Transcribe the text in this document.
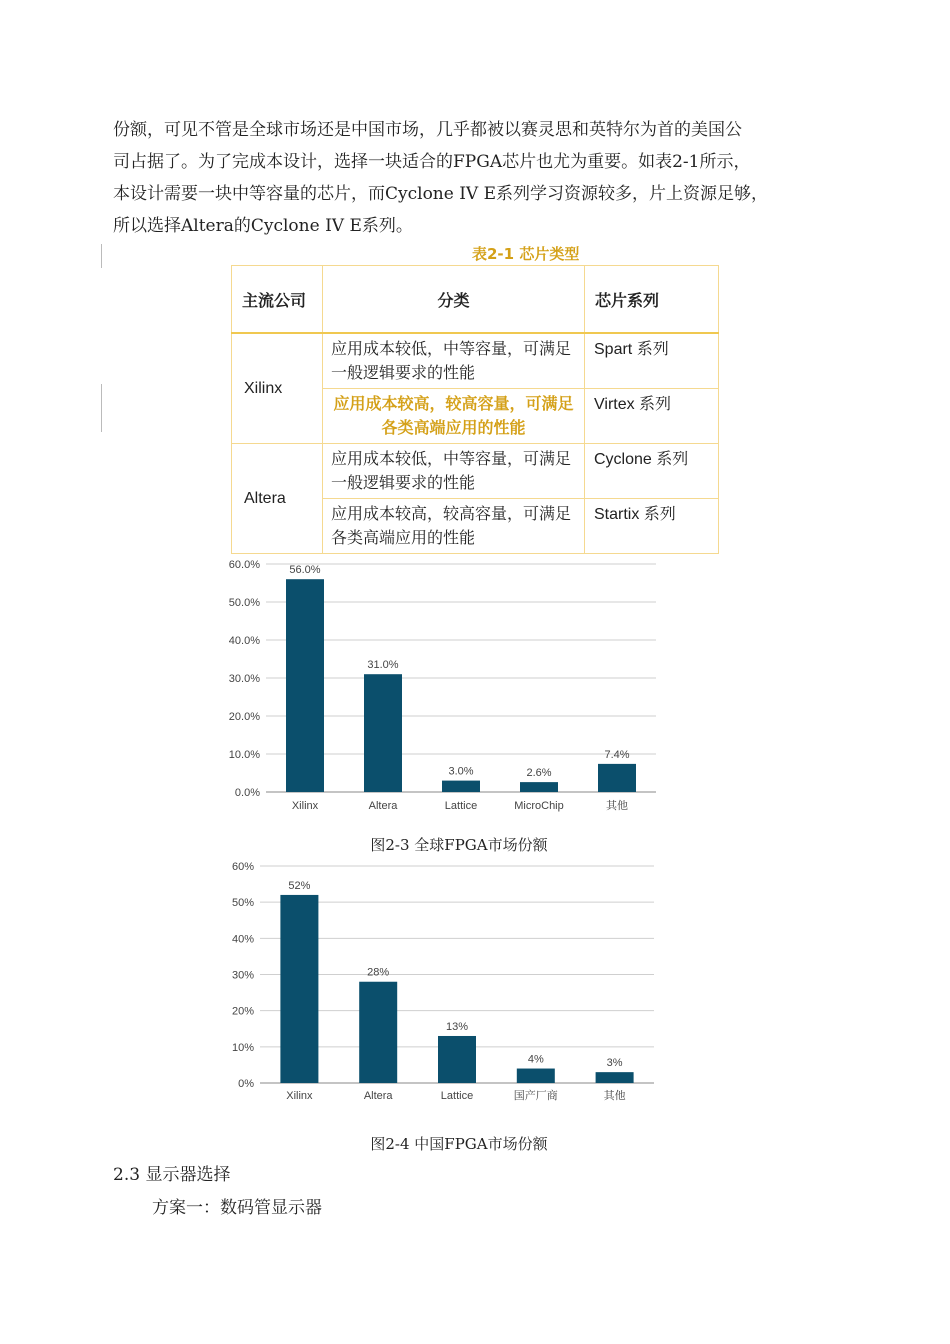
份额，可见不管是全球市场还是中国市场，几乎都被以赛灵思和英特尔为首的美国公

司占据了。为了完成本设计，选择一块适合的FPGA芯片也尤为重要。如表2-1所示，

本设计需要一块中等容量的芯片，而Cyclone IV E系列学习资源较多，片上资源足够，

所以选择Altera的Cyclone IV E系列。

表2-1 芯片类型
主流公司	分类	芯片系列
Xilinx	应用成本较低，中等容量，可满足一般逻辑要求的性能	Spart 系列
	应用成本较高，较高容量，可满足各类高端应用的性能	Virtex 系列
Altera	应用成本较低，中等容量，可满足一般逻辑要求的性能	Cyclone 系列
	应用成本较高，较高容量，可满足各类高端应用的性能	Startix 系列
0.0%
10.0%
20.0%
30.0%
40.0%
50.0%
60.0%	56.0%
Xilinx
31.0%
Altera
3.0%
Lattice
2.6%
MicroChip
7.4%
其他
图2-3 全球FPGA市场份额
0%
10%
20%
30%
40%
50%
60%
52%
Xilinx
28%
Altera
13%
Lattice
4%
国产厂商
3%
其他
图2-4 中国FPGA市场份额
2.3 显示器选择
方案一：数码管显示器
